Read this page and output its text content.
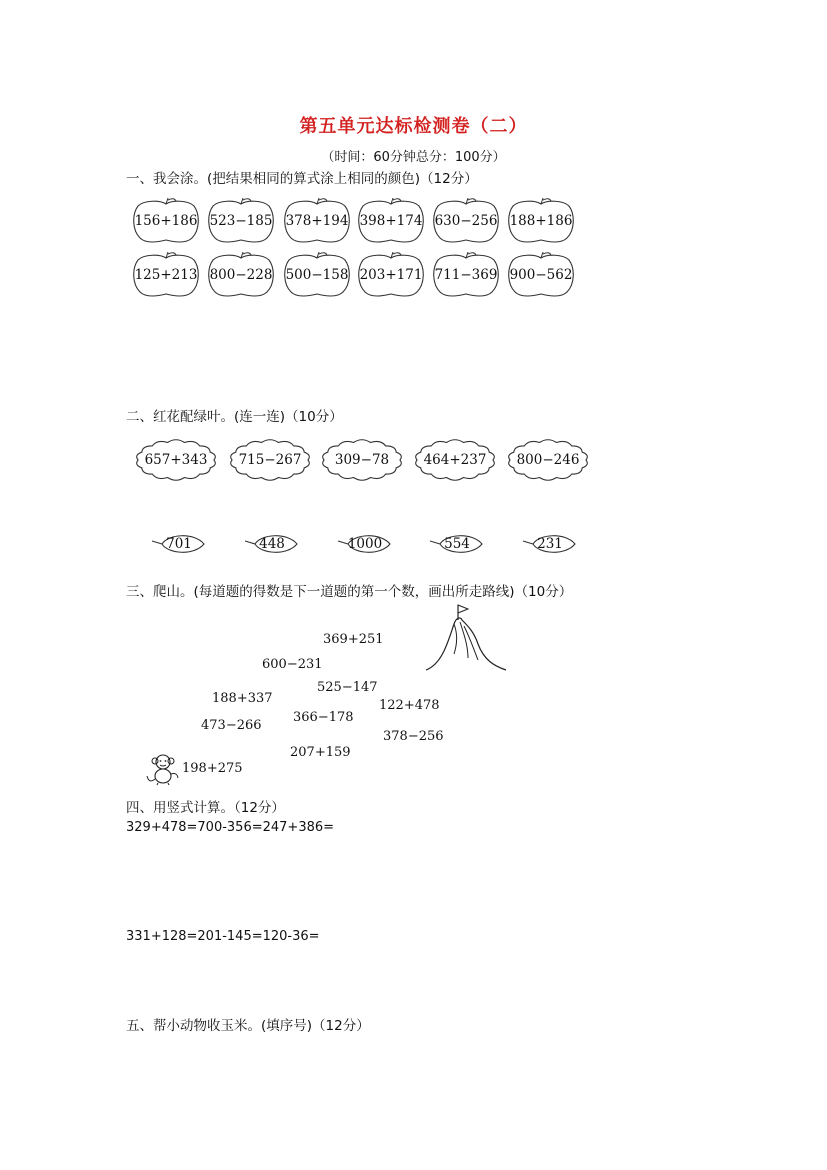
第五单元达标检测卷（二）
（时间：60分钟总分：100分）
一、我会涂。(把结果相同的算式涂上相同的颜色)（12分）
二、红花配绿叶。(连一连)（10分）
三、爬山。(每道题的得数是下一道题的第一个数，画出所走路线)（10分）
四、用竖式计算。（12分）
329+478=700-356=247+386=
331+128=201-145=120-36=
五、帮小动物收玉米。(填序号)（12分）
156+186 523−185 378+194 398+174 630−256 188+186
125+213 800−228 500−158 203+171 711−369 900−562
657+343	715−267	309−78	464+237	800−246
701	448	1000	554	231
369+251
600−231
525−147
188+337	122+478
473−266
366−178
378−256
207+159
198+275
